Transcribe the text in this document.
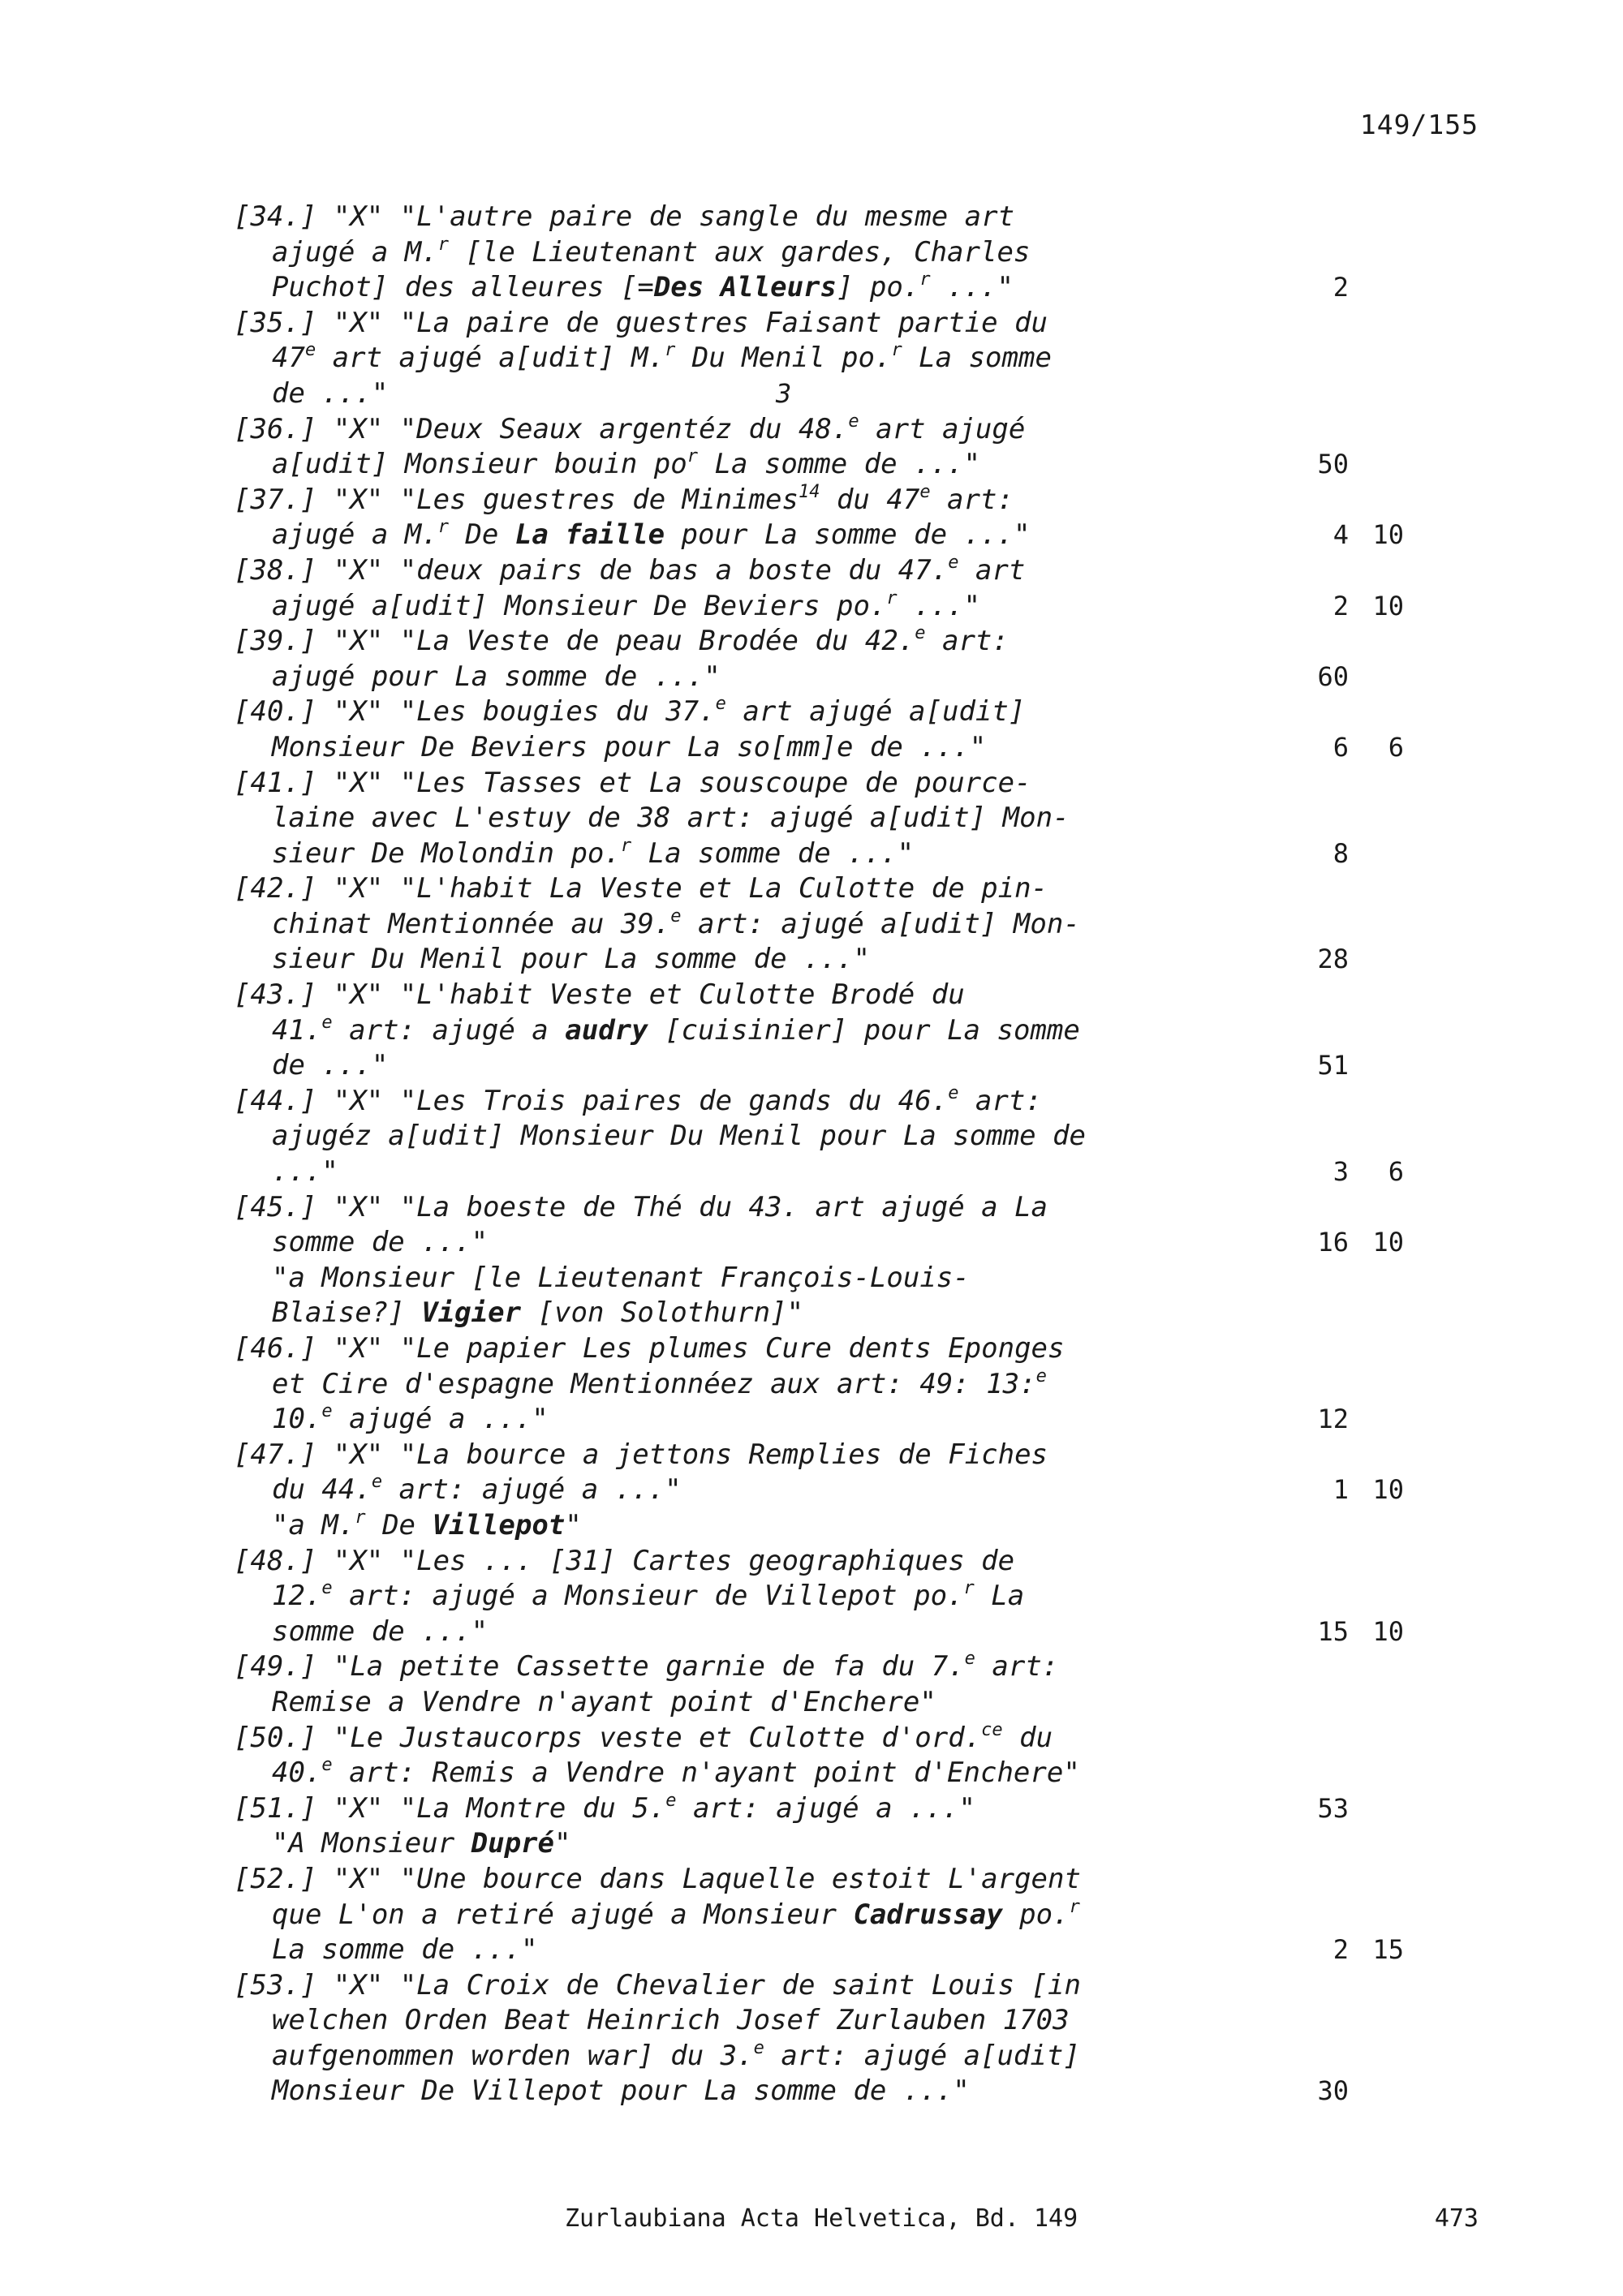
149/155
[34.] "X" "L'autre paire de sangle du mesme art
ajugé a M.$^r$ [le Lieutenant aux gardes, Charles
Puchot] des alleures [=Des Alleurs] po.$^r$ ..."	2
[35.] "X" "La paire de guestres Faisant partie du
47e art ajugé a[udit] M.$^r$ Du Menil po.$^r$ La somme
de ..."	3
[36.] "X" "Deux Seaux argentéz du 48.$^e$ art ajugé
a[udit] Monsieur bouin $po^r$ La somme de ..."	50
[37.] "X" "Les guestres de Minimes$^{14}$ du 47e art:
ajugé a M.$^r$ De La faille pour La somme de ..."	4 10
[38.] "X" "deux pairs de bas a boste du 47.$^e$ art
ajugé a[udit] Monsieur De Beviers po.$^r$ ..."	2 10
[39.] "X" "La Veste de peau Brodée du 42.$^e$ art:
ajugé pour La somme de ..."	60
[40.] "X" "Les bougies du 37.$^e$ art ajugé a[udit]
Monsieur De Beviers pour La so[mm]e de ..."	6	6
[41.] "X" "Les Tasses et La souscoupe de pource-
laine avec L'estuy de 38 art: ajugé a[udit] Mon-
sieur De Molondin po.$^r$ La somme de ..."	8
[42.] "X" "L'habit La Veste et La Culotte de pin-
chinat Mentionnée au 39.$^e$ art: ajugé a[udit] Mon-
sieur Du Menil pour La somme de ..."	28
[43.] "X" "L'habit Veste et Culotte Brodé du
41.$^e$ art: ajugé a audry [cuisinier] pour La somme
de ..."	51
[44.] "X" "Les Trois paires de gands du 46.$^e$ art:
ajugéz a[udit] Monsieur Du Menil pour La somme de
..."	3	6
[45.] "X" "La boeste de Thé du 43. art ajugé a La
somme de ..."	16 10
"a Monsieur [le Lieutenant François-Louis-
Blaise?] Vigier [von Solothurn]"
[46.] "X" "Le papier Les plumes Cure dents Eponges
et Cire d'espagne Mentionnéez aux art: 49: 13:$^e$
10.$^e$ ajugé a ..."	12
[47.] "X" "La bource a jettons Remplies de Fiches
du 44.$^e$ art: ajugé a ..."	1 10
"a M.$^r$ De Villepot"
[48.] "X" "Les ... [31] Cartes geographiques de
12.$^e$ art: ajugé a Monsieur de Villepot po.$^r$ La
somme de ..."	15 10
[49.] "La petite Cassette garnie de fa du 7.$^e$ art:
Remise a Vendre n'ayant point d'Enchere"
[50.] "Le Justaucorps veste et Culotte d'ord.$^{ce}$ du
40.$^e$ art: Remis a Vendre n'ayant point d'Enchere"
[51.] "X" "La Montre du 5.$^e$ art: ajugé a ..."	53
"A Monsieur Dupré"
[52.] "X" "Une bource dans Laquelle estoit L'argent
que L'on a retiré ajugé a Monsieur Cadrussay po.$^r$
La somme de ..."	2 15
[53.] "X" "La Croix de Chevalier de saint Louis [in
welchen Orden Beat Heinrich Josef Zurlauben 1703
aufgenommen worden war] du 3.$^e$ art: ajugé a[udit]
Monsieur De Villepot pour La somme de ..."	30
Zurlaubiana Acta Helvetica, Bd. 149	473
